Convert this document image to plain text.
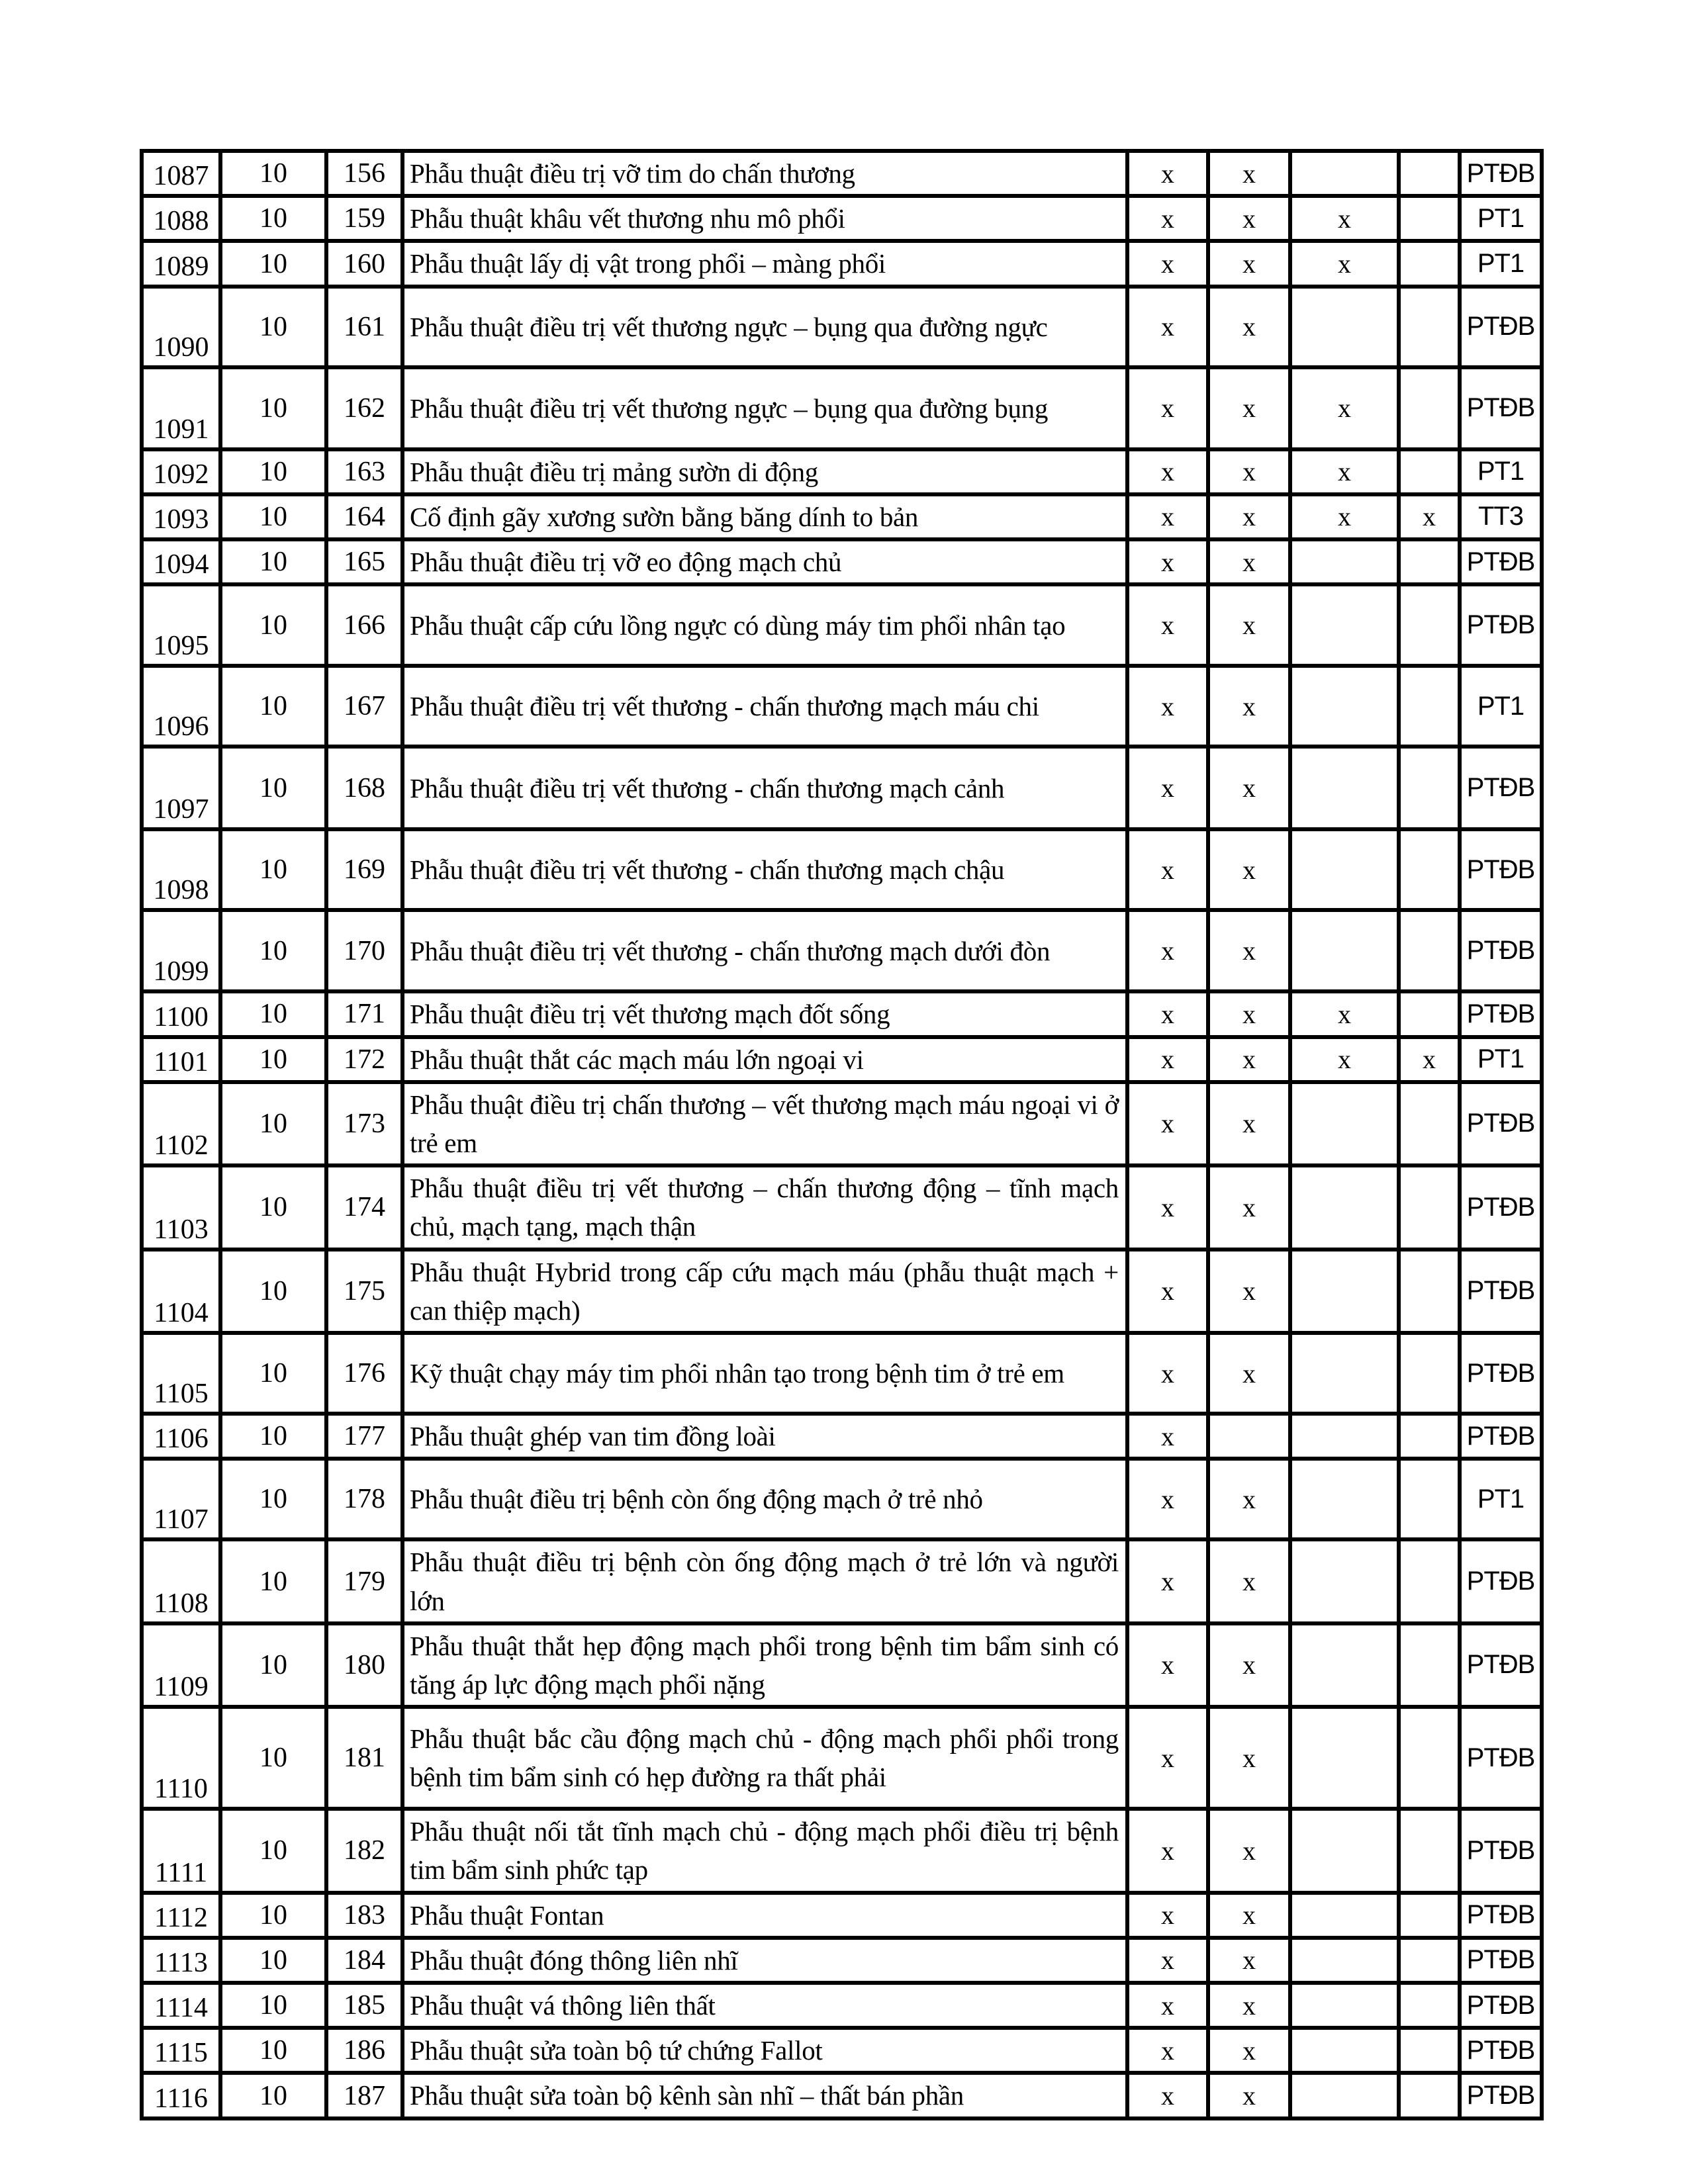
1087	10	156	Phẫu thuật điều trị vỡ tim do chấn thương	x	x			PTĐB
1088	10	159	Phẫu thuật khâu vết thương nhu mô phổi	x	x	x		PT1
1089	10	160	Phẫu thuật lấy dị vật trong phổi – màng phổi	x	x	x		PT1
1090	10	161	Phẫu thuật điều trị vết thương ngực – bụng qua đường ngực	x	x			PTĐB
1091	10	162	Phẫu thuật điều trị vết thương ngực – bụng qua đường bụng	x	x	x		PTĐB
1092	10	163	Phẫu thuật điều trị mảng sườn di động	x	x	x		PT1
1093	10	164	Cố định gãy xương sườn bằng băng dính to bản	x	x	x	x	TT3
1094	10	165	Phẫu thuật điều trị vỡ eo động mạch chủ	x	x			PTĐB
1095	10	166	Phẫu thuật cấp cứu lồng ngực có dùng máy tim phổi nhân tạo	x	x			PTĐB
1096	10	167	Phẫu thuật điều trị vết thương - chấn thương mạch máu chi	x	x			PT1
1097	10	168	Phẫu thuật điều trị vết thương - chấn thương mạch cảnh	x	x			PTĐB
1098	10	169	Phẫu thuật điều trị vết thương - chấn thương mạch chậu	x	x			PTĐB
1099	10	170	Phẫu thuật điều trị vết thương - chấn thương mạch dưới đòn	x	x			PTĐB
1100	10	171	Phẫu thuật điều trị vết thương mạch đốt sống	x	x	x		PTĐB
1101	10	172	Phẫu thuật thắt các mạch máu lớn ngoại vi	x	x	x	x	PT1
1102	10	173	Phẫu thuật điều trị chấn thương – vết thương mạch máu ngoại vi ở trẻ em	x	x			PTĐB
1103	10	174	Phẫu thuật điều trị vết thương – chấn thương động – tĩnh mạch chủ, mạch tạng, mạch thận	x	x			PTĐB
1104	10	175	Phẫu thuật Hybrid trong cấp cứu mạch máu (phẫu thuật mạch + can thiệp mạch)	x	x			PTĐB
1105	10	176	Kỹ thuật chạy máy tim phổi nhân tạo trong bệnh tim ở trẻ em	x	x			PTĐB
1106	10	177	Phẫu thuật ghép van tim đồng loài	x				PTĐB
1107	10	178	Phẫu thuật điều trị bệnh còn ống động mạch ở trẻ nhỏ	x	x			PT1
1108	10	179	Phẫu thuật điều trị bệnh còn ống động mạch ở trẻ lớn và người lớn	x	x			PTĐB
1109	10	180	Phẫu thuật thắt hẹp động mạch phổi trong bệnh tim bẩm sinh có tăng áp lực động mạch phổi nặng	x	x			PTĐB
1110	10	181	Phẫu thuật bắc cầu động mạch chủ - động mạch phổi phổi trong bệnh tim bẩm sinh có hẹp đường ra thất phải	x	x			PTĐB
1111	10	182	Phẫu thuật nối tắt tĩnh mạch chủ - động mạch phổi điều trị bệnh tim bẩm sinh phức tạp	x	x			PTĐB
1112	10	183	Phẫu thuật Fontan	x	x			PTĐB
1113	10	184	Phẫu thuật đóng thông liên nhĩ	x	x			PTĐB
1114	10	185	Phẫu thuật vá thông liên thất	x	x			PTĐB
1115	10	186	Phẫu thuật sửa toàn bộ tứ chứng Fallot	x	x			PTĐB
1116	10	187	Phẫu thuật sửa toàn bộ kênh sàn nhĩ – thất bán phần	x	x			PTĐB
